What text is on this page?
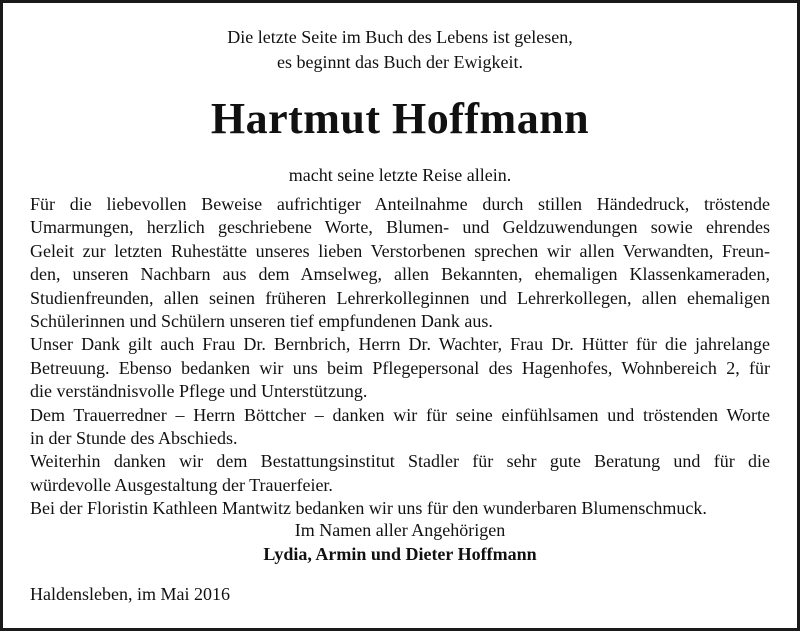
Die letzte Seite im Buch des Lebens ist gelesen,
es beginnt das Buch der Ewigkeit.
Hartmut Hoffmann
macht seine letzte Reise allein.
Für die liebevollen Beweise aufrichtiger Anteilnahme durch stillen Händedruck, tröstende
Umarmungen, herzlich geschriebene Worte, Blumen- und Geldzuwendungen sowie ehrendes
Geleit zur letzten Ruhestätte unseres lieben Verstorbenen sprechen wir allen Verwandten, Freun-
den, unseren Nachbarn aus dem Amselweg, allen Bekannten, ehemaligen Klassenkameraden,
Studienfreunden, allen seinen früheren Lehrerkolleginnen und Lehrerkollegen, allen ehemaligen
Schülerinnen und Schülern unseren tief empfundenen Dank aus.
Unser Dank gilt auch Frau Dr. Bernbrich, Herrn Dr. Wachter, Frau Dr. Hütter für die jahrelange
Betreuung. Ebenso bedanken wir uns beim Pflegepersonal des Hagenhofes, Wohnbereich 2, für
die verständnisvolle Pflege und Unterstützung.
Dem Trauerredner – Herrn Böttcher – danken wir für seine einfühlsamen und tröstenden Worte
in der Stunde des Abschieds.
Weiterhin danken wir dem Bestattungsinstitut Stadler für sehr gute Beratung und für die
würdevolle Ausgestaltung der Trauerfeier.
Bei der Floristin Kathleen Mantwitz bedanken wir uns für den wunderbaren Blumenschmuck.
Im Namen aller Angehörigen
Lydia, Armin und Dieter Hoffmann
Haldensleben, im Mai 2016
